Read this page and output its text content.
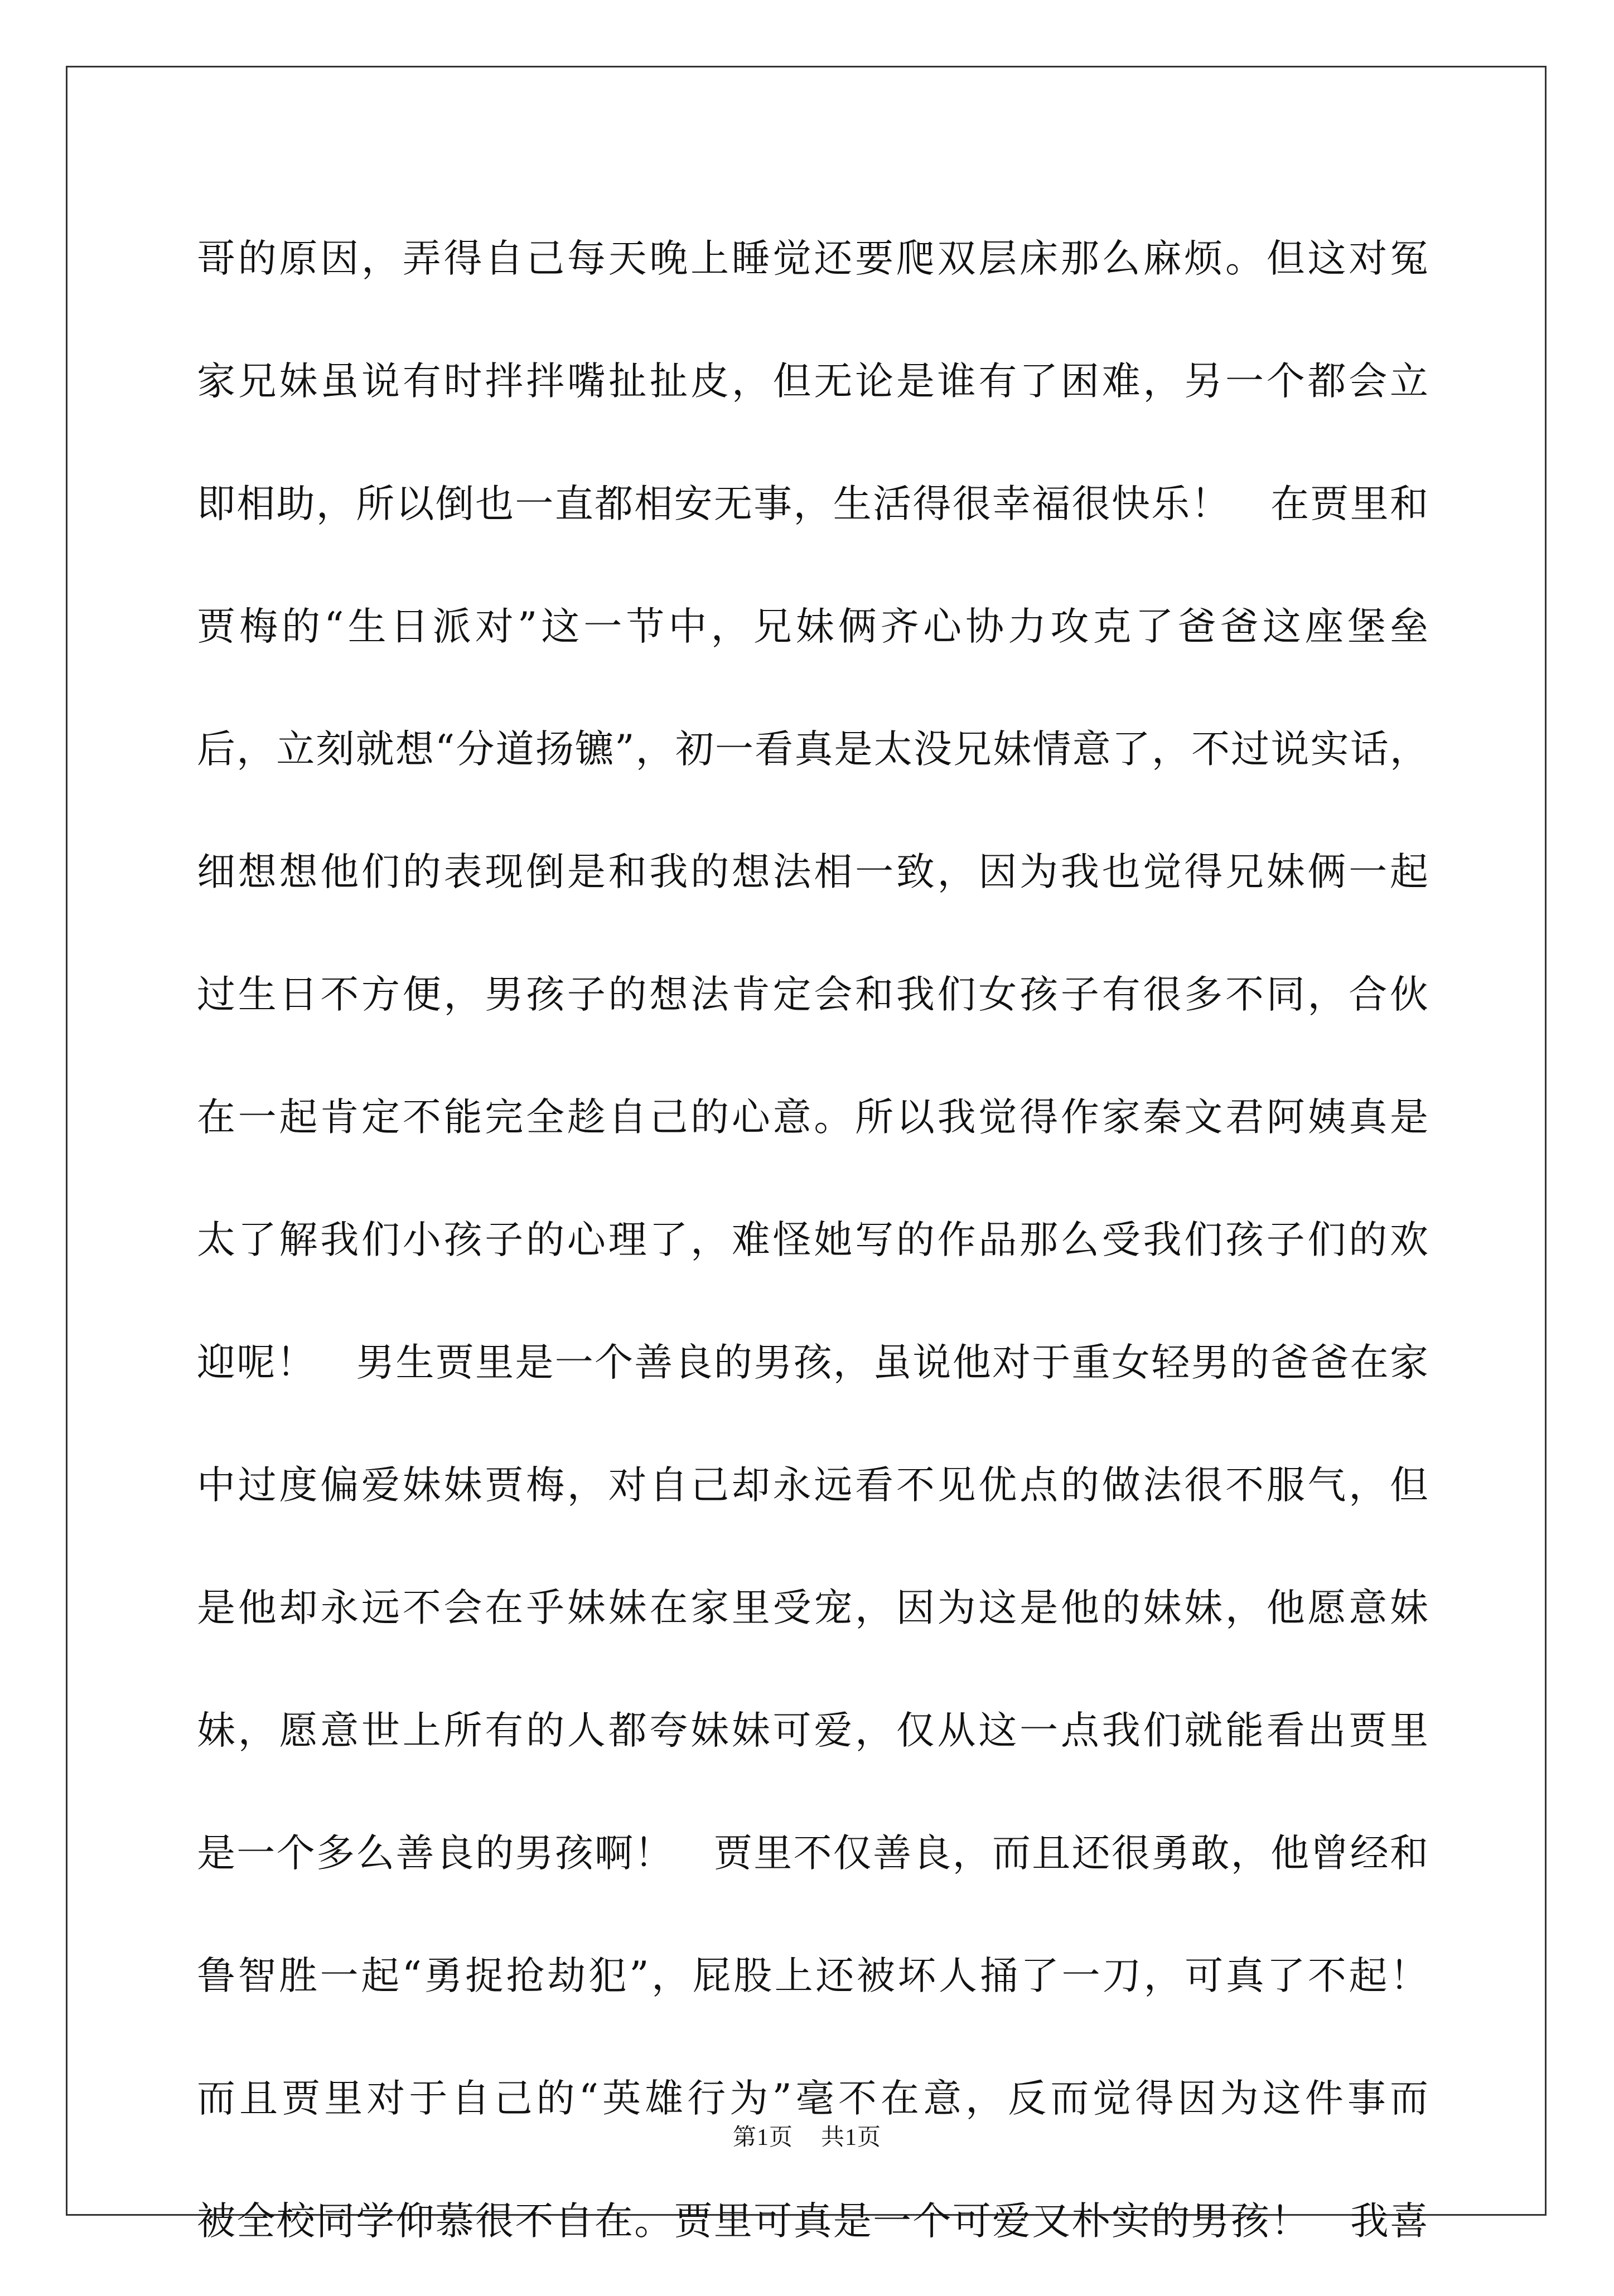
哥的原因，弄得自己每天晚上睡觉还要爬双层床那么麻烦。但这对冤
家兄妹虽说有时拌拌嘴扯扯皮，但无论是谁有了困难，另一个都会立
即相助，所以倒也一直都相安无事，生活得很幸福很快乐！　在贾里和
贾梅的“生日派对”这一节中，兄妹俩齐心协力攻克了爸爸这座堡垒
后，立刻就想“分道扬镳”，初一看真是太没兄妹情意了，不过说实话，
细想想他们的表现倒是和我的想法相一致，因为我也觉得兄妹俩一起
过生日不方便，男孩子的想法肯定会和我们女孩子有很多不同，合伙
在一起肯定不能完全趁自己的心意。所以我觉得作家秦文君阿姨真是
太了解我们小孩子的心理了，难怪她写的作品那么受我们孩子们的欢
迎呢！　男生贾里是一个善良的男孩，虽说他对于重女轻男的爸爸在家
中过度偏爱妹妹贾梅，对自己却永远看不见优点的做法很不服气，但
是他却永远不会在乎妹妹在家里受宠，因为这是他的妹妹，他愿意妹
妹，愿意世上所有的人都夸妹妹可爱，仅从这一点我们就能看出贾里
是一个多么善良的男孩啊！　贾里不仅善良，而且还很勇敢，他曾经和
鲁智胜一起“勇捉抢劫犯”，屁股上还被坏人捅了一刀，可真了不起！
而且贾里对于自己的“英雄行为”毫不在意，反而觉得因为这件事而
被全校同学仰慕很不自在。贾里可真是一个可爱又朴实的男孩！　我喜
第1页 共1页
